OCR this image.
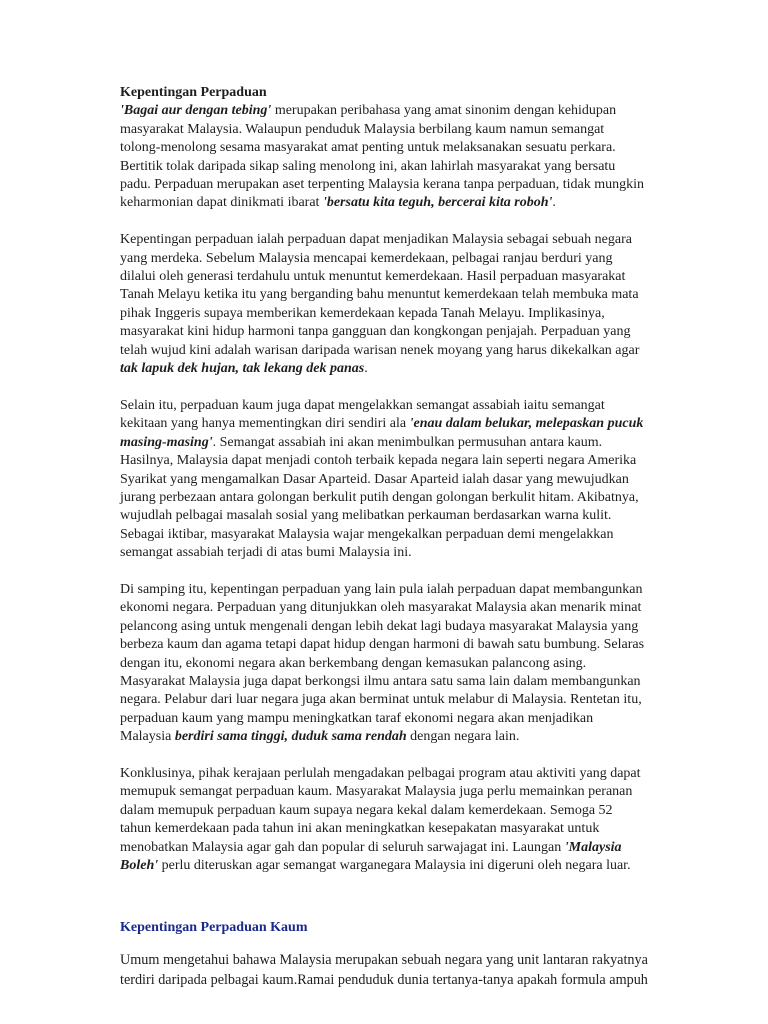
Kepentingan Perpaduan
'Bagai aur dengan tebing' merupakan peribahasa yang amat sinonim dengan kehidupan
masyarakat Malaysia. Walaupun penduduk Malaysia berbilang kaum namun semangat
tolong-menolong sesama masyarakat amat penting untuk melaksanakan sesuatu perkara.
Bertitik tolak daripada sikap saling menolong ini, akan lahirlah masyarakat yang bersatu
padu. Perpaduan merupakan aset terpenting Malaysia kerana tanpa perpaduan, tidak mungkin
keharmonian dapat dinikmati ibarat 'bersatu kita teguh, bercerai kita roboh'.
Kepentingan perpaduan ialah perpaduan dapat menjadikan Malaysia sebagai sebuah negara
yang merdeka. Sebelum Malaysia mencapai kemerdekaan, pelbagai ranjau berduri yang
dilalui oleh generasi terdahulu untuk menuntut kemerdekaan. Hasil perpaduan masyarakat
Tanah Melayu ketika itu yang berganding bahu menuntut kemerdekaan telah membuka mata
pihak Inggeris supaya memberikan kemerdekaan kepada Tanah Melayu. Implikasinya,
masyarakat kini hidup harmoni tanpa gangguan dan kongkongan penjajah. Perpaduan yang
telah wujud kini adalah warisan daripada warisan nenek moyang yang harus dikekalkan agar
tak lapuk dek hujan, tak lekang dek panas.
Selain itu, perpaduan kaum juga dapat mengelakkan semangat assabiah iaitu semangat
kekitaan yang hanya mementingkan diri sendiri ala 'enau dalam belukar, melepaskan pucuk
masing-masing'. Semangat assabiah ini akan menimbulkan permusuhan antara kaum.
Hasilnya, Malaysia dapat menjadi contoh terbaik kepada negara lain seperti negara Amerika
Syarikat yang mengamalkan Dasar Aparteid. Dasar Aparteid ialah dasar yang mewujudkan
jurang perbezaan antara golongan berkulit putih dengan golongan berkulit hitam. Akibatnya,
wujudlah pelbagai masalah sosial yang melibatkan perkauman berdasarkan warna kulit.
Sebagai iktibar, masyarakat Malaysia wajar mengekalkan perpaduan demi mengelakkan
semangat assabiah terjadi di atas bumi Malaysia ini.
Di samping itu, kepentingan perpaduan yang lain pula ialah perpaduan dapat membangunkan
ekonomi negara. Perpaduan yang ditunjukkan oleh masyarakat Malaysia akan menarik minat
pelancong asing untuk mengenali dengan lebih dekat lagi budaya masyarakat Malaysia yang
berbeza kaum dan agama tetapi dapat hidup dengan harmoni di bawah satu bumbung. Selaras
dengan itu, ekonomi negara akan berkembang dengan kemasukan palancong asing.
Masyarakat Malaysia juga dapat berkongsi ilmu antara satu sama lain dalam membangunkan
negara. Pelabur dari luar negara juga akan berminat untuk melabur di Malaysia. Rentetan itu,
perpaduan kaum yang mampu meningkatkan taraf ekonomi negara akan menjadikan
Malaysia berdiri sama tinggi, duduk sama rendah dengan negara lain.
Konklusinya, pihak kerajaan perlulah mengadakan pelbagai program atau aktiviti yang dapat
memupuk semangat perpaduan kaum. Masyarakat Malaysia juga perlu memainkan peranan
dalam memupuk perpaduan kaum supaya negara kekal dalam kemerdekaan. Semoga 52
tahun kemerdekaan pada tahun ini akan meningkatkan kesepakatan masyarakat untuk
menobatkan Malaysia agar gah dan popular di seluruh sarwajagat ini. Laungan 'Malaysia
Boleh' perlu diteruskan agar semangat warganegara Malaysia ini digeruni oleh negara luar.
Kepentingan Perpaduan Kaum
Umum mengetahui bahawa Malaysia merupakan sebuah negara yang unit lantaran rakyatnya
terdiri daripada pelbagai kaum.Ramai penduduk dunia tertanya-tanya apakah formula ampuh
